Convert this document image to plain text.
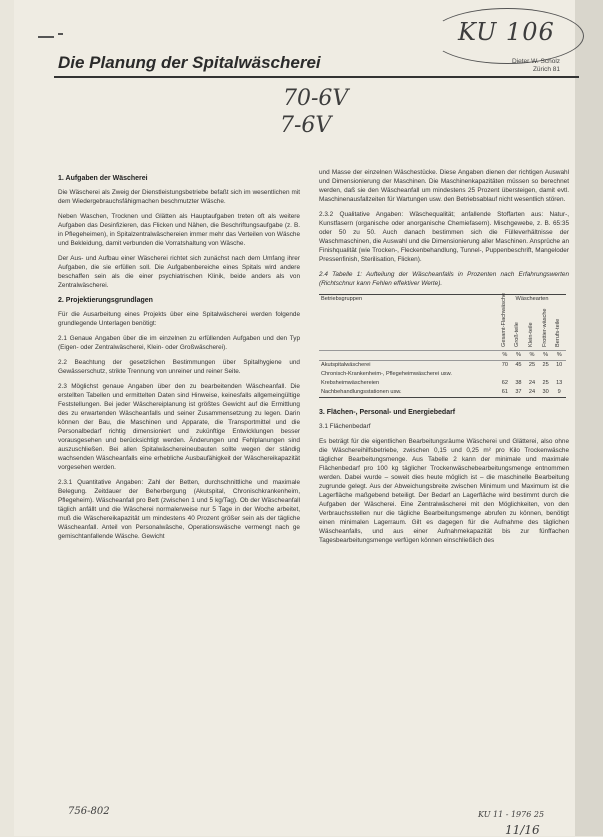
KU 106
70-6V
7-6V
Die Planung der Spitalwäscherei	Dieter W. Scholz
Zürich 81
1. Aufgaben der Wäscherei

Die Wäscherei als Zweig der Dienstleistungsbetriebe befaßt sich im wesentlichen mit dem Wiedergebrauchsfähigmachen beschmutzter Wäsche.

Neben Waschen, Trocknen und Glätten als Hauptaufgaben treten oft als weitere Aufgaben das Desinfizieren, das Flicken und Nähen, die Beschriftungsaufgabe (z. B. in Pflegeheimen), in Spitalzentralwäschereien immer mehr das Verteilen von Wäsche und Bekleidung, damit verbunden die Vorratshaltung von Wäsche.

Der Aus- und Aufbau einer Wäscherei richtet sich zunächst nach dem Umfang ihrer Aufgaben, die sie erfüllen soll. Die Aufgabenbereiche eines Spitals wird andere beschaffen sein als die einer psychiatrischen Klinik, beide anders als von Zentralwäscherei.

2. Projektierungsgrundlagen

Für die Ausarbeitung eines Projekts über eine Spitalwäscherei werden folgende grundlegende Unterlagen benötigt:

2.1 Genaue Angaben über die im einzelnen zu erfüllenden Aufgaben und den Typ (Eigen- oder Zentralwäscherei, Klein- oder Großwäscherei).

2.2 Beachtung der gesetzlichen Bestimmungen über Spitalhygiene und Gewässerschutz, strikte Trennung von unreiner und reiner Seite.

2.3 Möglichst genaue Angaben über den zu bearbeitenden Wäscheanfall. Die erstellten Tabellen und ermittelten Daten sind Hinweise, keinesfalls allgemeingültige Feststellungen. Bei jeder Wäschereiplanung ist größtes Gewicht auf die Ermittlung des zu erwartenden Wäscheanfalls und seiner Zusammensetzung zu legen. Darin können der Bau, die Maschinen und Apparate, die Transportmittel und die Personalbedarf richtig dimensioniert und zukünftige Entwicklungen besser vorausgesehen und berücksichtigt werden. Änderungen und Fehlplanungen sind auszuschließen. Bei allen Spitalwäschereineubauten sollte wegen der ständig wachsenden Wäscheanfalls eine erhebliche Ausbaufähigkeit der Wäschereikapazität vorgesehen werden.

2.3.1 Quantitative Angaben: Zahl der Betten, durchschnittliche und maximale Belegung. Zeitdauer der Beherbergung (Akutspital, Chronischkrankenheim, Pflegeheim). Wäscheanfall pro Bett (zwischen 1 und 5 kg/Tag). Ob der Wäscheanfall täglich anfällt und die Wäscherei normalerweise nur 5 Tage in der Woche arbeitet, muß die Wäschereikapazität um mindestens 40 Prozent größer sein als der tägliche Wäscheanfall. Anteil von Personalwäsche, Operationswäsche vermengt nach ge gemischtanfallende Wäsche. Gewicht

und Masse der einzelnen Wäschestücke. Diese Angaben dienen der richtigen Auswahl und Dimensionierung der Maschinen. Die Maschinenkapazitäten müssen so berechnet werden, daß sie den Wäscheanfall um mindestens 25 Prozent übersteigen, damit evtl. Maschinenausfallzeiten für Wartungen usw. den Betriebsablauf nicht wesentlich stören.

2.3.2 Qualitative Angaben: Wäschequalität; anfallende Stoffarten aus: Natur-, Kunstfasern (organische oder anorganische Chemiefasern). Mischgewebe, z. B. 65:35 oder 50 zu 50. Auch danach bestimmen sich die Fülleverhältnisse der Waschmaschinen, die Auswahl und die Dimensionierung aller Maschinen. Ansprüche an Finishqualität (wie Trocken-, Fleckenbehandlung, Tunnel-, Puppenbeschrift, Mangeloder Pressenfinish, Sterilisation, Flicken).

2.4 Tabelle 1: Aufteilung der Wäscheanfalls in Prozenten nach Erfahrungswerten (Richtschnur kann Fehlen effektiver Werte).

Betriebsgruppen	Wäschearten				
	Gesamt-Flachwäsche	Groß-teile	Klein-teile	Frottier-wäsche	Berufs-teile
	%	%	%	%	%
Akutspitalwäscherei	70	45	25	25	10
Chronisch-Krankenheim-, Pflegeheimwäscherei usw.					
Krebsheimwäschereien	62	38	24	25	13
Nachbehandlungsstationen usw.	61	37	24	30	9
3. Flächen-, Personal- und Energiebedarf

3.1 Flächenbedarf

Es beträgt für die eigentlichen Bearbeitungsräume Wäscherei und Glätterei, also ohne die Wäschereihilfsbetriebe, zwischen 0,15 und 0,25 m² pro Kilo Trockenwäsche täglicher Bearbeitungsmenge. Aus Tabelle 2 kann der minimale und maximale Flächenbedarf pro 100 kg täglicher Trockenwäschebearbeitungsmenge entnommen werden. Dabei wurde – soweit dies heute möglich ist – die maschinelle Bearbeitung zugrunde gelegt. Aus der Abweichungsbreite zwischen Minimum und Maximum ist die Lagerfläche maßgebend beteiligt. Der Bedarf an Lagerfläche wird bestimmt durch die Aufgaben der Wäscherei. Eine Zentralwäscherei mit den Möglichkeiten, von den Verbrauchsstellen nur die tägliche Bearbeitungsmenge abrufen zu können, benötigt einen minimalen Lagerraum. Gilt es dagegen für die Aufnahme des täglichen Wäscheanfalls, und aus einer Aufnahmekapazität bis zur fünffachen Tagesbearbeitungsmenge verfügen können einschließlich des

756-802	KU 11 - 1976 25
11/16
